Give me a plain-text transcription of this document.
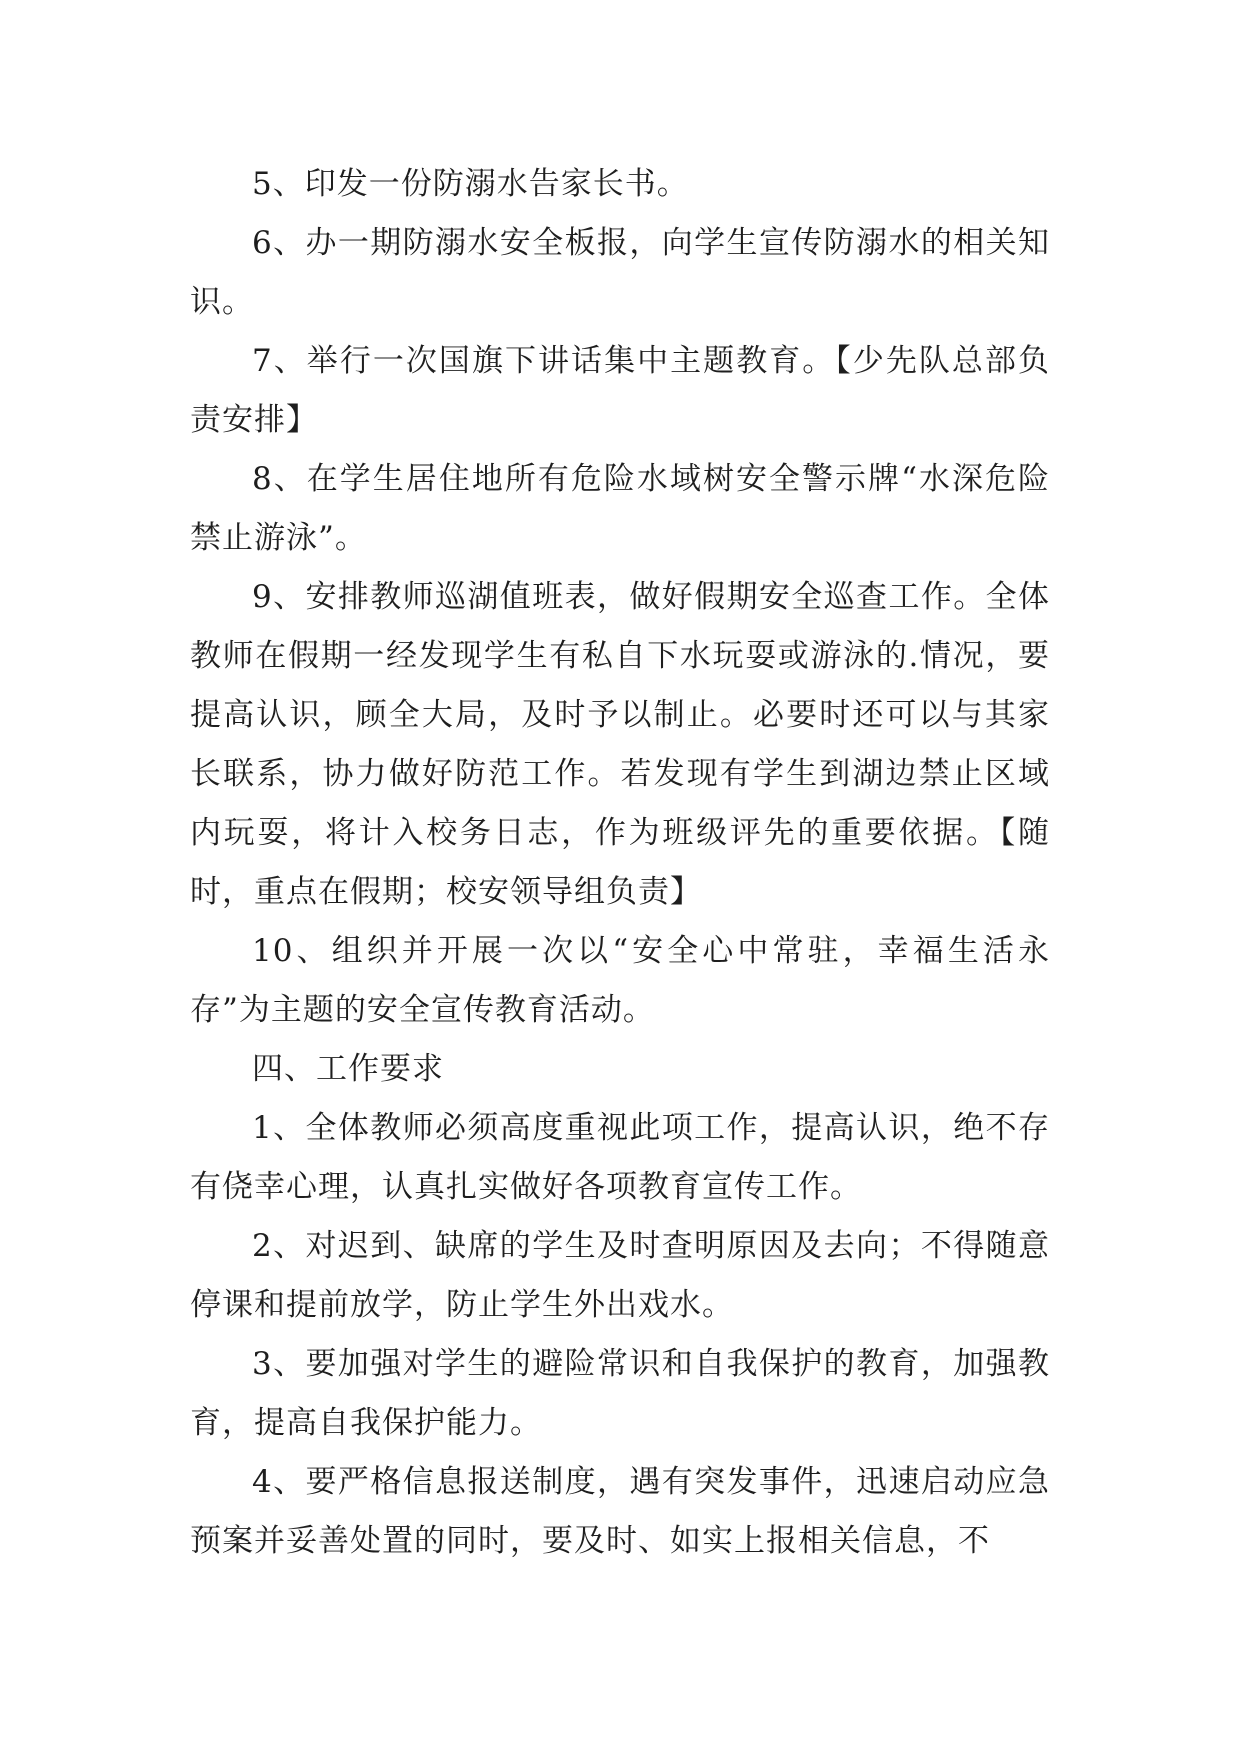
5、印发一份防溺水告家长书。

6、办一期防溺水安全板报，向学生宣传防溺水的相关知识。

7、举行一次国旗下讲话集中主题教育。【少先队总部负责安排】

8、在学生居住地所有危险水域树安全警示牌“水深危险禁止游泳”。

9、安排教师巡湖值班表，做好假期安全巡查工作。全体教师在假期一经发现学生有私自下水玩耍或游泳的.情况，要提高认识，顾全大局，及时予以制止。必要时还可以与其家长联系，协力做好防范工作。若发现有学生到湖边禁止区域内玩耍，将计入校务日志，作为班级评先的重要依据。【随时，重点在假期；校安领导组负责】

10、组织并开展一次以“安全心中常驻，幸福生活永存”为主题的安全宣传教育活动。

四、工作要求

1、全体教师必须高度重视此项工作，提高认识，绝不存有侥幸心理，认真扎实做好各项教育宣传工作。

2、对迟到、缺席的学生及时查明原因及去向；不得随意停课和提前放学，防止学生外出戏水。

3、要加强对学生的避险常识和自我保护的教育，加强教育，提高自我保护能力。

4、要严格信息报送制度，遇有突发事件，迅速启动应急预案并妥善处置的同时，要及时、如实上报相关信息，不
